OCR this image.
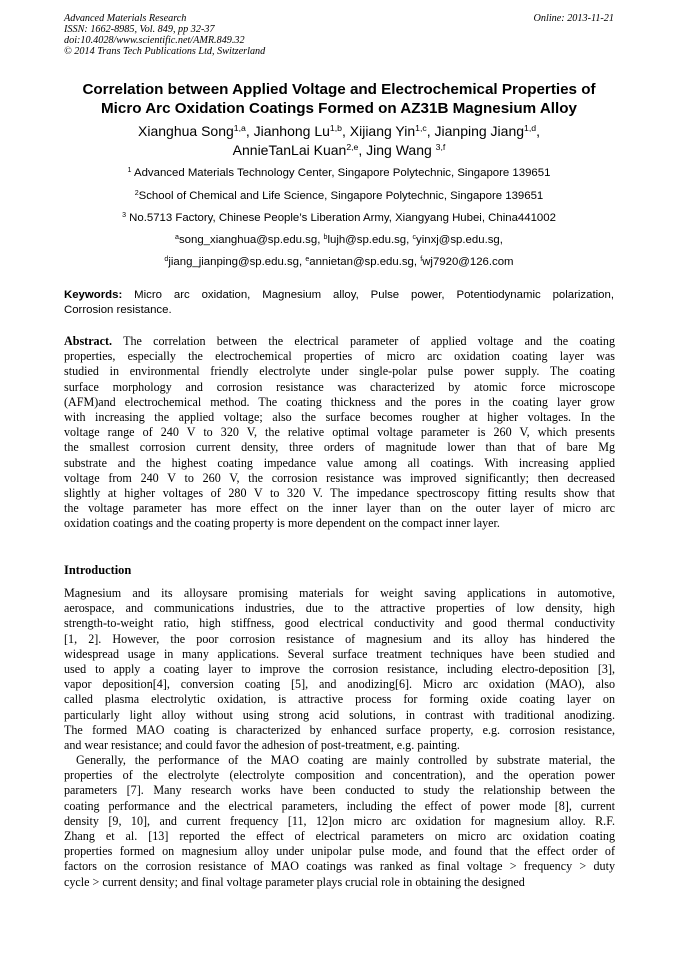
Advanced Materials Research
ISSN: 1662-8985, Vol. 849, pp 32-37
doi:10.4028/www.scientific.net/AMR.849.32
© 2014 Trans Tech Publications Ltd, Switzerland
Online: 2013-11-21
Correlation between Applied Voltage and Electrochemical Properties of
Micro Arc Oxidation Coatings Formed on AZ31B Magnesium Alloy
Xianghua Song$^{1,a}$, Jianhong Lu$^{1,b}$, Xijiang Yin$^{1,c}$, Jianping Jiang$^{1,d}$,
AnnieTanLai Kuan$^{2,e}$, Jing Wang $^{3,f}$
$^1$ Advanced Materials Technology Center, Singapore Polytechnic, Singapore 139651
$^2$School of Chemical and Life Science, Singapore Polytechnic, Singapore 139651
$^3$ No.5713 Factory, Chinese People’s Liberation Army, Xiangyang Hubei, China441002
$^a$song_xianghua@sp.edu.sg, $^b$lujh@sp.edu.sg, $^c$yinxj@sp.edu.sg,
$^d$jiang_jianping@sp.edu.sg, $^e$annietan@sp.edu.sg, $^f$wj7920@126.com
Keywords: Micro arc oxidation, Magnesium alloy, Pulse power, Potentiodynamic polarization,
Corrosion resistance.
Abstract. The correlation between the electrical parameter of applied voltage and the coating
properties, especially the electrochemical properties of micro arc oxidation coating layer was
studied in environmental friendly electrolyte under single-polar pulse power supply. The coating
surface morphology and corrosion resistance was characterized by atomic force microscope
(AFM)and electrochemical method. The coating thickness and the pores in the coating layer grow
with increasing the applied voltage; also the surface becomes rougher at higher voltages. In the
voltage range of 240 V to 320 V, the relative optimal voltage parameter is 260 V, which presents
the smallest corrosion current density, three orders of magnitude lower than that of bare Mg
substrate and the highest coating impedance value among all coatings. With increasing applied
voltage from 240 V to 260 V, the corrosion resistance was improved significantly; then decreased
slightly at higher voltages of 280 V to 320 V. The impedance spectroscopy fitting results show that
the voltage parameter has more effect on the inner layer than on the outer layer of micro arc
oxidation coatings and the coating property is more dependent on the compact inner layer.
Introduction
Magnesium and its alloysare promising materials for weight saving applications in automotive,
aerospace, and communications industries, due to the attractive properties of low density, high
strength-to-weight ratio, high stiffness, good electrical conductivity and good thermal conductivity
[1, 2]. However, the poor corrosion resistance of magnesium and its alloy has hindered the
widespread usage in many applications. Several surface treatment techniques have been studied and
used to apply a coating layer to improve the corrosion resistance, including electro-deposition [3],
vapor deposition[4], conversion coating [5], and anodizing[6]. Micro arc oxidation (MAO), also
called plasma electrolytic oxidation, is attractive process for forming oxide coating layer on
particularly light alloy without using strong acid solutions, in contrast with traditional anodizing.
The formed MAO coating is characterized by enhanced surface property, e.g. corrosion resistance,
and wear resistance; and could favor the adhesion of post-treatment, e.g. painting.
Generally, the performance of the MAO coating are mainly controlled by substrate material, the
properties of the electrolyte (electrolyte composition and concentration), and the operation power
parameters [7]. Many research works have been conducted to study the relationship between the
coating performance and the electrical parameters, including the effect of power mode [8], current
density [9, 10], and current frequency [11, 12]on micro arc oxidation for magnesium alloy. R.F.
Zhang et al. [13] reported the effect of electrical parameters on micro arc oxidation coating
properties formed on magnesium alloy under unipolar pulse mode, and found that the effect order of
factors on the corrosion resistance of MAO coatings was ranked as final voltage > frequency > duty
cycle > current density; and final voltage parameter plays crucial role in obtaining the designed
